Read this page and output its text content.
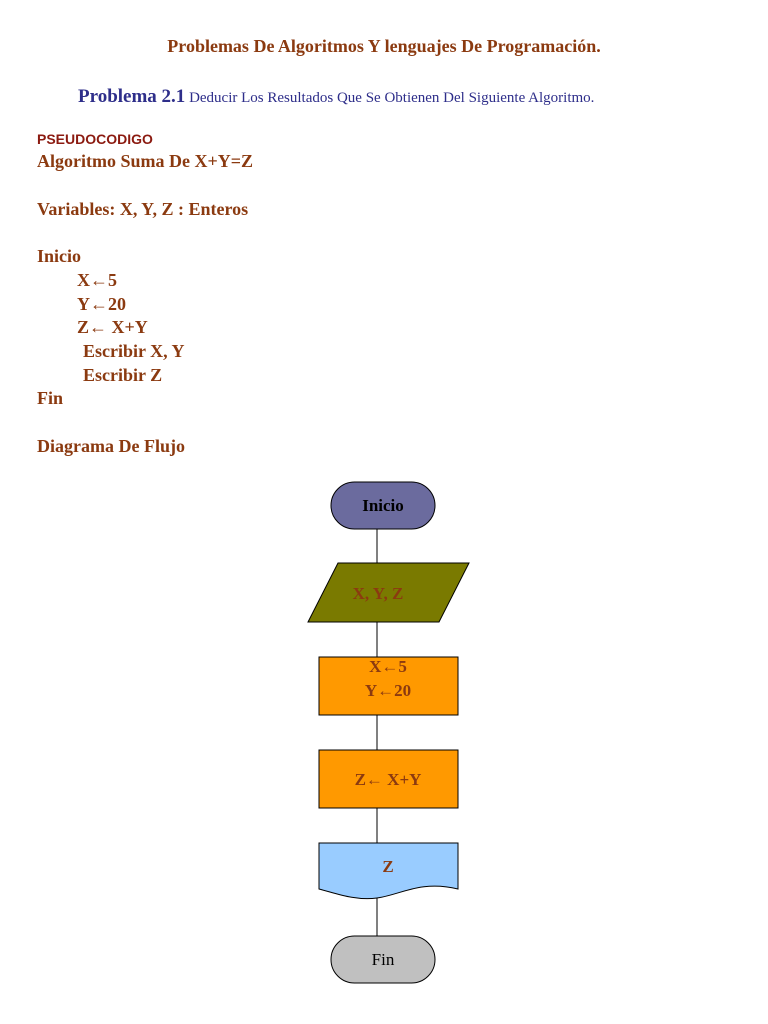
Problemas De Algoritmos Y lenguajes De Programación.
Problema 2.1 Deducir Los Resultados Que Se Obtienen Del Siguiente Algoritmo.
PSEUDOCODIGO
Algoritmo Suma De X+Y=Z
Variables: X, Y, Z : Enteros
Inicio
X←5
Y←20
Z← X+Y
Escribir X, Y
Escribir Z
Fin
Diagrama De Flujo
Inicio
X, Y, Z
X←5
Y←20
Z← X+Y
Z
Fin
